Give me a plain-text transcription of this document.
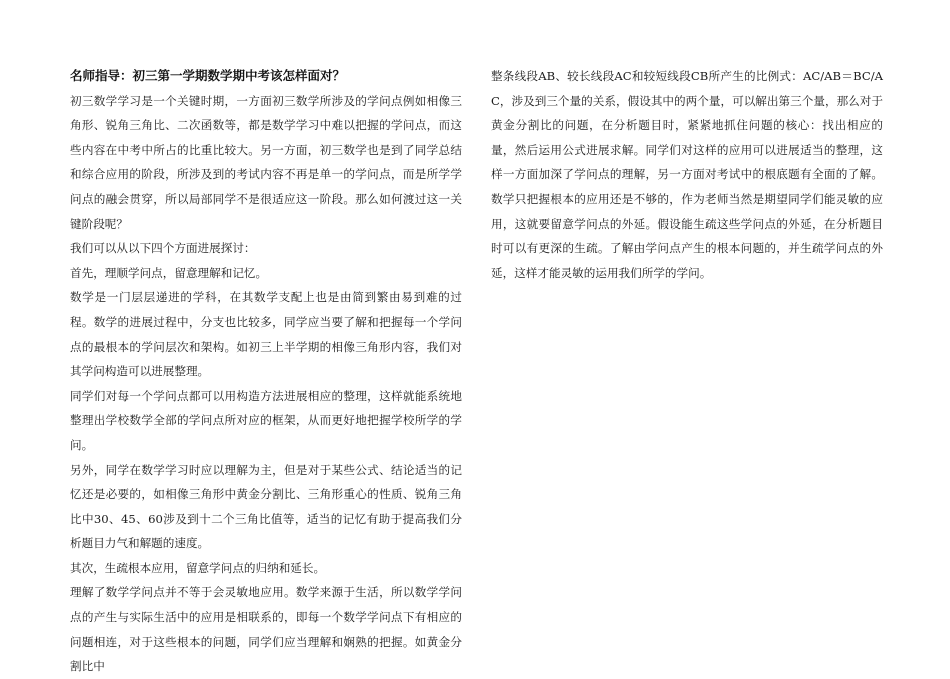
名师指导：初三第一学期数学期中考该怎样面对？

初三数学学习是一个关键时期，一方面初三数学所涉及的学问点例如相像三角形、锐角三角比、二次函数等，都是数学学习中难以把握的学问点，而这些内容在中考中所占的比重比较大。另一方面，初三数学也是到了同学总结和综合应用的阶段，所涉及到的考试内容不再是单一的学问点，而是所学学问点的融会贯穿，所以局部同学不是很适应这一阶段。那么如何渡过这一关键阶段呢？

我们可以从以下四个方面进展探讨：

首先，理顺学问点，留意理解和记忆。

数学是一门层层递进的学科，在其数学支配上也是由简到繁由易到难的过程。数学的进展过程中，分支也比较多，同学应当要了解和把握每一个学问点的最根本的学问层次和架构。如初三上半学期的相像三角形内容，我们对其学问构造可以进展整理。

同学们对每一个学问点都可以用构造方法进展相应的整理，这样就能系统地整理出学校数学全部的学问点所对应的框架，从而更好地把握学校所学的学问。

另外，同学在数学学习时应以理解为主，但是对于某些公式、结论适当的记忆还是必要的，如相像三角形中黄金分割比、三角形重心的性质、锐角三角比中30、45、60涉及到十二个三角比值等，适当的记忆有助于提高我们分析题目力气和解题的速度。

其次，生疏根本应用，留意学问点的归纳和延长。

理解了数学学问点并不等于会灵敏地应用。数学来源于生活，所以数学学问点的产生与实际生活中的应用是相联系的，即每一个数学学问点下有相应的问题相连，对于这些根本的问题，同学们应当理解和娴熟的把握。如黄金分割比中

整条线段AB、较长线段AC和较短线段CB所产生的比例式：AC/AB＝BC/AC，涉及到三个量的关系，假设其中的两个量，可以解出第三个量，那么对于黄金分割比的问题，在分析题目时，紧紧地抓住问题的核心：找出相应的量，然后运用公式进展求解。同学们对这样的应用可以进展适当的整理，这样一方面加深了学问点的理解，另一方面对考试中的根底题有全面的了解。数学只把握根本的应用还是不够的，作为老师当然是期望同学们能灵敏的应用，这就要留意学问点的外延。假设能生疏这些学问点的外延，在分析题目时可以有更深的生疏。了解由学问点产生的根本问题的，并生疏学问点的外延，这样才能灵敏的运用我们所学的学问。
